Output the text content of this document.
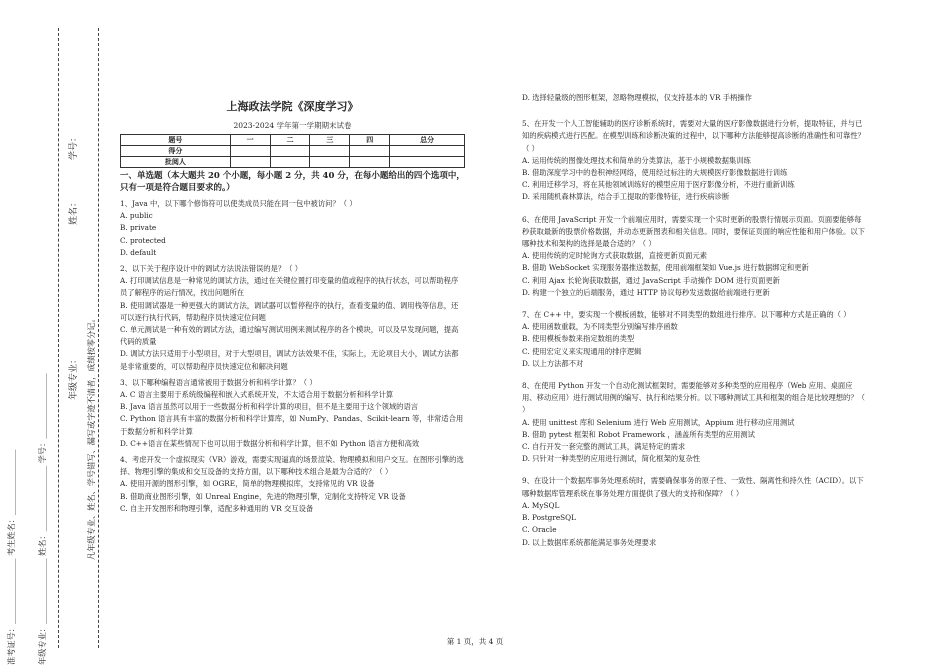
学号：
姓名：
年级专业： 凡年级专业、姓名、学号错写、漏写或字迹不清者，成绩按零分记。
准考证号：________________ 考生姓名：________________	年级专业：________________ 姓名：________________ 学号：________________
上海政法学院《深度学习》
2023-2024 学年第一学期期末试卷
题号	一	二	三	四	总分
得分					
批阅人					
一、单选题（本大题共 20 个小题，每小题 2 分，共 40 分，在每小题给出的四个选项中，只有一项是符合题目要求的。）
1、Java 中，以下哪个修饰符可以使类成员只能在同一包中被访问？（ ）
A. public
B. private
C. protected
D. default
2、以下关于程序设计中的调试方法说法错误的是？（ ）
A. 打印调试信息是一种常见的调试方法，通过在关键位置打印变量的值或程序的执行状态，可以帮助程序员了解程序的运行情况，找出问题所在
B. 使用调试器是一种更强大的调试方法，调试器可以暂停程序的执行，查看变量的值、调用栈等信息，还可以逐行执行代码，帮助程序员快速定位问题
C. 单元测试是一种有效的调试方法，通过编写测试用例来测试程序的各个模块，可以及早发现问题，提高代码的质量
D. 调试方法只适用于小型项目，对于大型项目，调试方法效果不佳，实际上，无论项目大小，调试方法都是非常重要的，可以帮助程序员快速定位和解决问题
3、以下哪种编程语言通常被用于数据分析和科学计算？（ ）
A. C 语言主要用于系统级编程和嵌入式系统开发，不太适合用于数据分析和科学计算
B. Java 语言虽然可以用于一些数据分析和科学计算的项目，但不是主要用于这个领域的语言
C. Python 语言具有丰富的数据分析和科学计算库，如 NumPy、Pandas、Scikit-learn 等，非常适合用于数据分析和科学计算
D. C++语言在某些情况下也可以用于数据分析和科学计算，但不如 Python 语言方便和高效
4、考虑开发一个虚拟现实（VR）游戏，需要实现逼真的场景渲染、物理模拟和用户交互。在图形引擎的选择、物理引擎的集成和交互设备的支持方面，以下哪种技术组合是最为合适的？（ ）
A. 使用开源的图形引擎，如 OGRE，简单的物理模拟库，支持常见的 VR 设备
B. 借助商业图形引擎，如 Unreal Engine，先进的物理引擎，定制化支持特定 VR 设备
C. 自主开发图形和物理引擎，适配多种通用的 VR 交互设备
D. 选择轻量级的图形框架，忽略物理模拟，仅支持基本的 VR 手柄操作
5、在开发一个人工智能辅助的医疗诊断系统时，需要对大量的医疗影像数据进行分析，提取特征，并与已知的疾病模式进行匹配。在模型训练和诊断决策的过程中，以下哪种方法能够提高诊断的准确性和可靠性？（ ）
A. 运用传统的图像处理技术和简单的分类算法，基于小规模数据集训练
B. 借助深度学习中的卷积神经网络，使用经过标注的大规模医疗影像数据进行训练
C. 利用迁移学习，将在其他领域训练好的模型应用于医疗影像分析，不进行重新训练
D. 采用随机森林算法，结合手工提取的影像特征，进行疾病诊断
6、在使用 JavaScript 开发一个前端应用时，需要实现一个实时更新的股票行情展示页面。页面要能够每秒获取最新的股票价格数据，并动态更新图表和相关信息。同时，要保证页面的响应性能和用户体验。以下哪种技术和架构的选择是最合适的？（ ）
A. 使用传统的定时轮询方式获取数据，直接更新页面元素
B. 借助 WebSocket 实现服务器推送数据，使用前端框架如 Vue.js 进行数据绑定和更新
C. 利用 Ajax 长轮询获取数据，通过 JavaScript 手动操作 DOM 进行页面更新
D. 构建一个独立的后端服务，通过 HTTP 协议每秒发送数据给前端进行更新
7、在 C++ 中，要实现一个模板函数，能够对不同类型的数组进行排序。以下哪种方式是正确的（ ）
A. 使用函数重载，为不同类型分别编写排序函数
B. 使用模板参数来指定数组的类型
C. 使用宏定义来实现通用的排序逻辑
D. 以上方法都不对
8、在使用 Python 开发一个自动化测试框架时，需要能够对多种类型的应用程序（Web 应用、桌面应用、移动应用）进行测试用例的编写、执行和结果分析。以下哪种测试工具和框架的组合是比较理想的？（ ）
A. 使用 unittest 库和 Selenium 进行 Web 应用测试，Appium 进行移动应用测试
B. 借助 pytest 框架和 Robot Framework ，涵盖所有类型的应用测试
C. 自行开发一套完整的测试工具，满足特定的需求
D. 只针对一种类型的应用进行测试，简化框架的复杂性
9、在设计一个数据库事务处理系统时，需要确保事务的原子性、一致性、隔离性和持久性（ACID）。以下哪种数据库管理系统在事务处理方面提供了强大的支持和保障？（ ）
A. MySQL
B. PostgreSQL
C. Oracle
D. 以上数据库系统都能满足事务处理要求
第 1 页，共 4 页
